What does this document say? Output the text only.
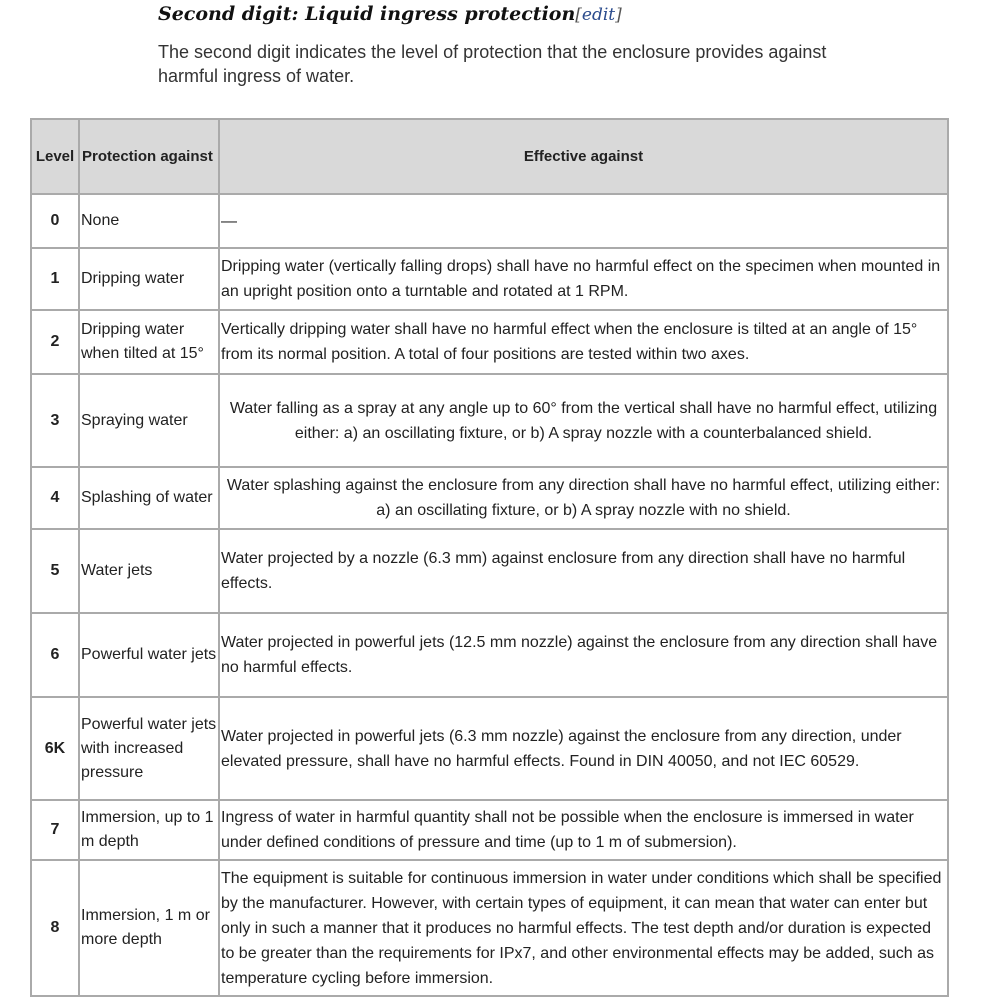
Second digit: Liquid ingress protection[edit]

The second digit indicates the level of protection that the enclosure provides against harmful ingress of water.

Level	Protection against	Effective against
0	None	—
1	Dripping water	Dripping water (vertically falling drops) shall have no harmful effect on the specimen when mounted in an upright position onto a turntable and rotated at 1 RPM.
2	Dripping water when tilted at 15°	Vertically dripping water shall have no harmful effect when the enclosure is tilted at an angle of 15° from its normal position. A total of four positions are tested within two axes.
3	Spraying water	Water falling as a spray at any angle up to 60° from the vertical shall have no harmful effect, utilizing either: a) an oscillating fixture, or b) A spray nozzle with a counterbalanced shield.
4	Splashing of water	Water splashing against the enclosure from any direction shall have no harmful effect, utilizing either: a) an oscillating fixture, or b) A spray nozzle with no shield.
5	Water jets	Water projected by a nozzle (6.3 mm) against enclosure from any direction shall have no harmful effects.
6	Powerful water jets	Water projected in powerful jets (12.5 mm nozzle) against the enclosure from any direction shall have no harmful effects.
6K	Powerful water jets with increased pressure	Water projected in powerful jets (6.3 mm nozzle) against the enclosure from any direction, under elevated pressure, shall have no harmful effects. Found in DIN 40050, and not IEC 60529.
7	Immersion, up to 1 m depth	Ingress of water in harmful quantity shall not be possible when the enclosure is immersed in water under defined conditions of pressure and time (up to 1 m of submersion).
8	Immersion, 1 m or more depth	The equipment is suitable for continuous immersion in water under conditions which shall be specified by the manufacturer. However, with certain types of equipment, it can mean that water can enter but only in such a manner that it produces no harmful effects. The test depth and/or duration is expected to be greater than the requirements for IPx7, and other environmental effects may be added, such as temperature cycling before immersion.
